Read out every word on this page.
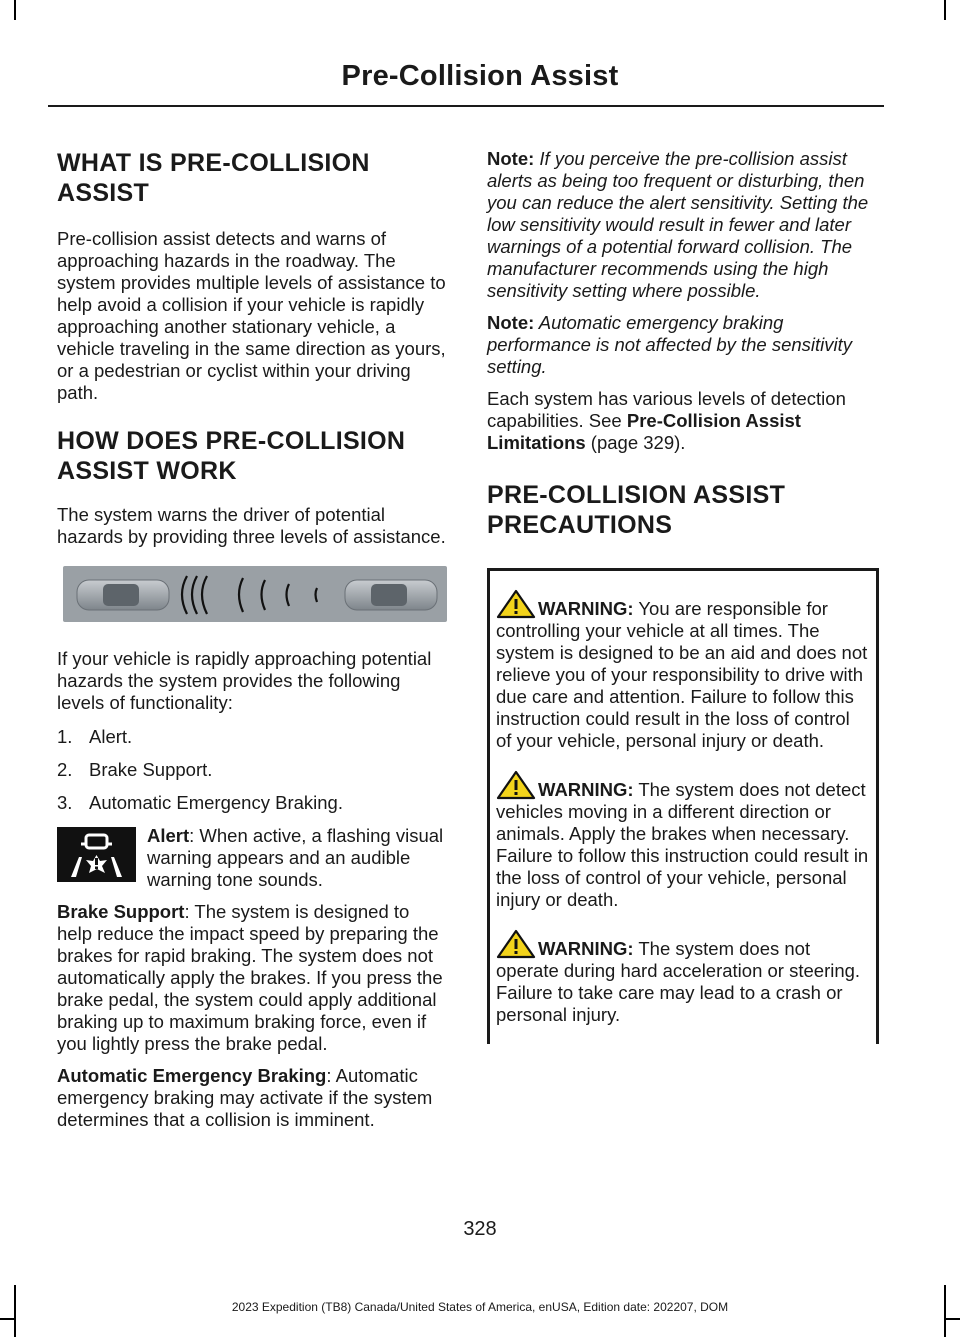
Pre-Collision Assist
WHAT IS PRE-COLLISION ASSIST

Pre-collision assist detects and warns of approaching hazards in the roadway. The system provides multiple levels of assistance to help avoid a collision if your vehicle is rapidly approaching another stationary vehicle, a vehicle traveling in the same direction as yours, or a pedestrian or cyclist within your driving path.

HOW DOES PRE-COLLISION ASSIST WORK

The system warns the driver of potential hazards by providing three levels of assistance.

If your vehicle is rapidly approaching potential hazards the system provides the following levels of functionality:

1. Alert.
2. Brake Support.
3. Automatic Emergency Braking.

Alert: When active, a flashing visual warning appears and an audible warning tone sounds.

Brake Support: The system is designed to help reduce the impact speed by preparing the brakes for rapid braking. The system does not automatically apply the brakes. If you press the brake pedal, the system could apply additional braking up to maximum braking force, even if you lightly press the brake pedal.

Automatic Emergency Braking: Automatic emergency braking may activate if the system determines that a collision is imminent.

Note: If you perceive the pre-collision assist alerts as being too frequent or disturbing, then you can reduce the alert sensitivity. Setting the low sensitivity would result in fewer and later warnings of a potential forward collision. The manufacturer recommends using the high sensitivity setting where possible.

Note: Automatic emergency braking performance is not affected by the sensitivity setting.

Each system has various levels of detection capabilities. See Pre-Collision Assist Limitations (page 329).

PRE-COLLISION ASSIST PRECAUTIONS

WARNING: You are responsible for controlling your vehicle at all times. The system is designed to be an aid and does not relieve you of your responsibility to drive with due care and attention. Failure to follow this instruction could result in the loss of control of your vehicle, personal injury or death.

WARNING: The system does not detect vehicles moving in a different direction or animals. Apply the brakes when necessary. Failure to follow this instruction could result in the loss of control of your vehicle, personal injury or death.

WARNING: The system does not operate during hard acceleration or steering. Failure to take care may lead to a crash or personal injury.

328
2023 Expedition (TB8) Canada/United States of America, enUSA, Edition date: 202207, DOM
